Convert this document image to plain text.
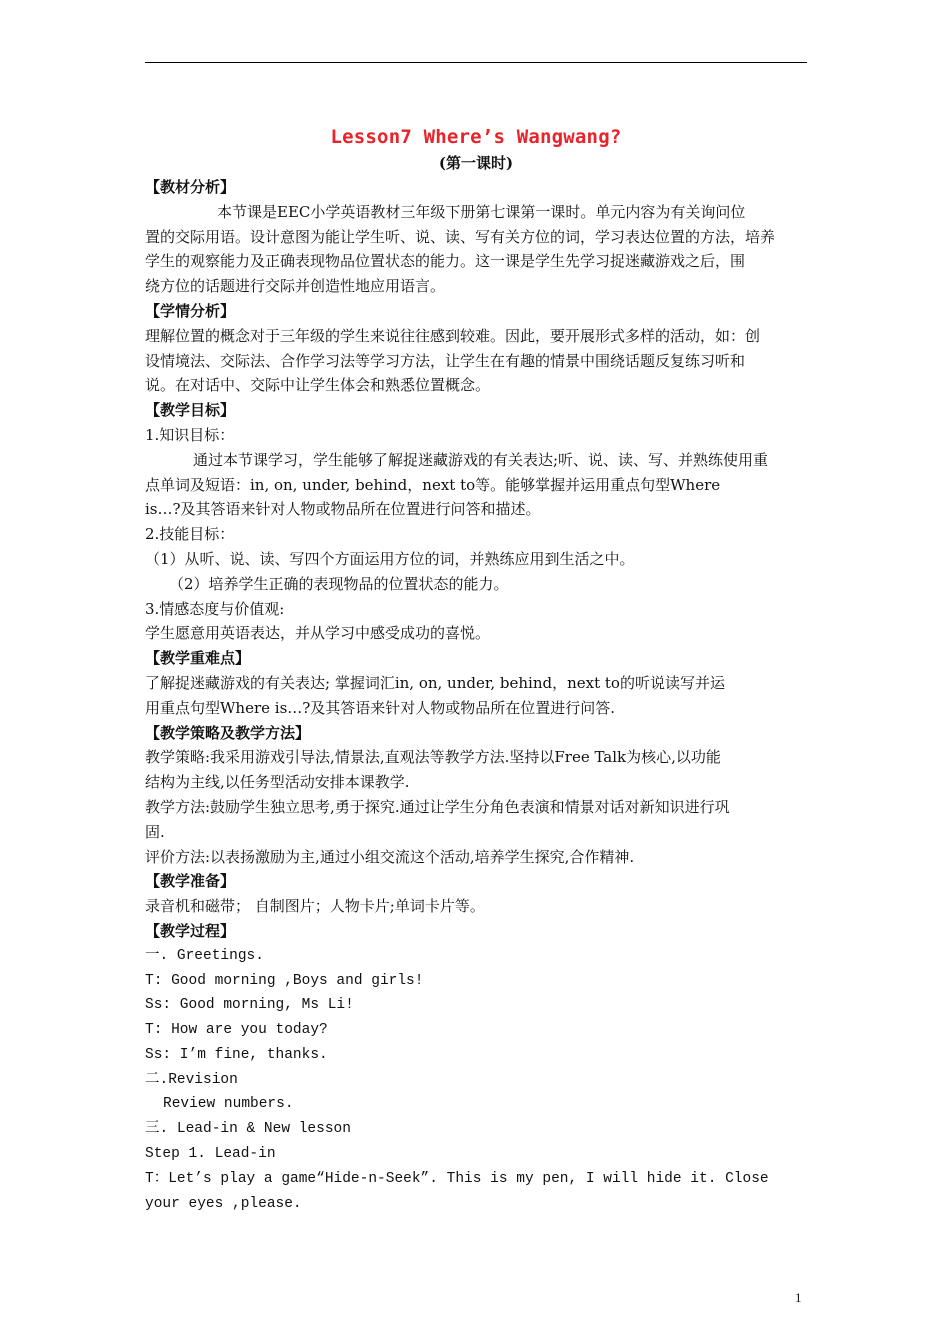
Lesson7 Where’s Wangwang?
(第一课时)
【教材分析】
本节课是EEC小学英语教材三年级下册第七课第一课时。单元内容为有关询问位
置的交际用语。设计意图为能让学生听、说、读、写有关方位的词，学习表达位置的方法，培养
学生的观察能力及正确表现物品位置状态的能力。这一课是学生先学习捉迷藏游戏之后，围
绕方位的话题进行交际并创造性地应用语言。
【学情分析】
理解位置的概念对于三年级的学生来说往往感到较难。因此，要开展形式多样的活动，如：创
设情境法、交际法、合作学习法等学习方法，让学生在有趣的情景中围绕话题反复练习听和
说。在对话中、交际中让学生体会和熟悉位置概念。
【教学目标】
1.知识目标：
通过本节课学习，学生能够了解捉迷藏游戏的有关表达;听、说、读、写、并熟练使用重
点单词及短语：in, on, under, behind，next to等。能够掌握并运用重点句型Where
is…?及其答语来针对人物或物品所在位置进行问答和描述。
2.技能目标：
（1）从听、说、读、写四个方面运用方位的词，并熟练应用到生活之中。
（2）培养学生正确的表现物品的位置状态的能力。
3.情感态度与价值观:
学生愿意用英语表达，并从学习中感受成功的喜悦。
【教学重难点】
了解捉迷藏游戏的有关表达; 掌握词汇in, on, under, behind，next to的听说读写并运
用重点句型Where is…?及其答语来针对人物或物品所在位置进行问答.
【教学策略及教学方法】
教学策略:我采用游戏引导法,情景法,直观法等教学方法.坚持以Free Talk为核心,以功能
结构为主线,以任务型活动安排本课教学.
教学方法:鼓励学生独立思考,勇于探究.通过让学生分角色表演和情景对话对新知识进行巩
固.
评价方法:以表扬激励为主,通过小组交流这个活动,培养学生探究,合作精神.
【教学准备】
录音机和磁带； 自制图片；人物卡片;单词卡片等。
【教学过程】
一. Greetings.
T: Good morning ,Boys and girls!
Ss: Good morning, Ms Li!
T: How are you today?
Ss: I’m fine, thanks.
二.Revision
Review numbers.
三. Lead-in & New lesson
Step 1. Lead-in
T：Let’s play a game“Hide-n-Seek”. This is my pen, I will hide it. Close
your eyes ,please.
1
